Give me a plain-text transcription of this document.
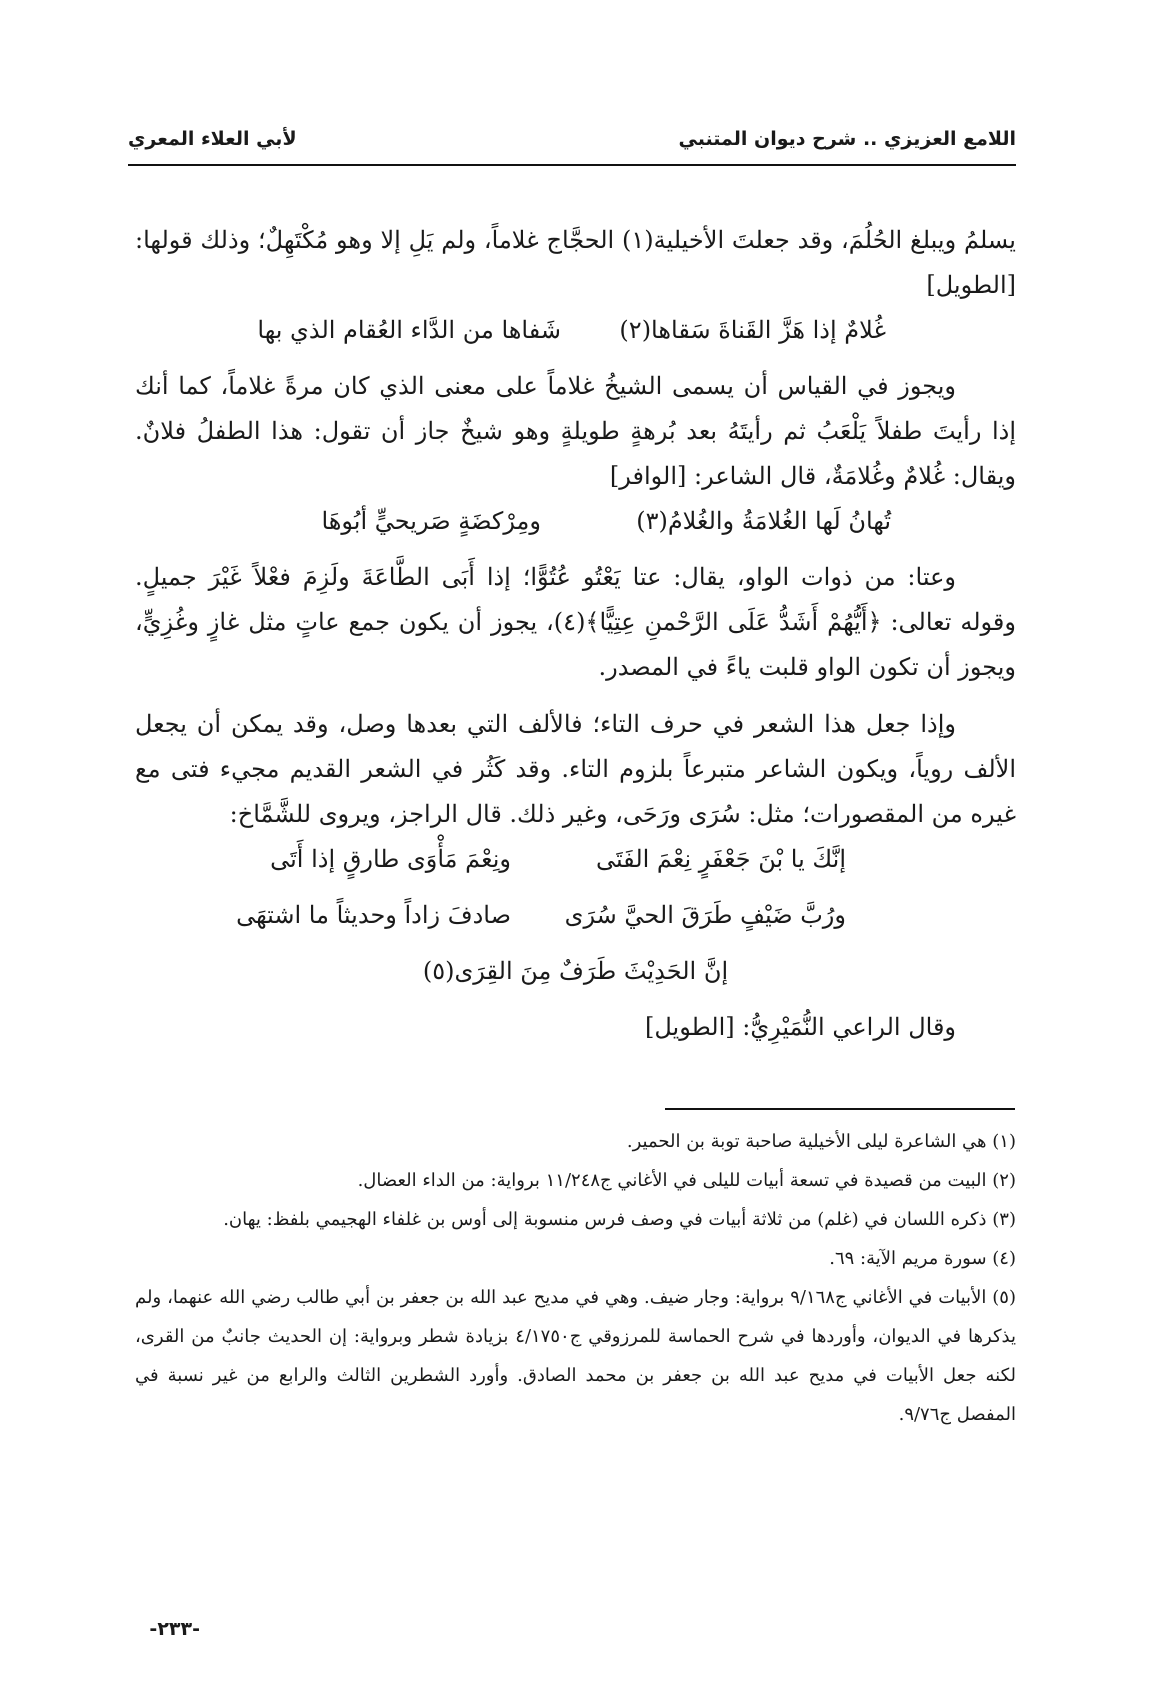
اللامع العزيزي .. شرح ديوان المتنبي
لأبي العلاء المعري

يسلمُ ويبلغ الحُلُمَ، وقد جعلتَ الأخيلية(١) الحجَّاج غلاماً، ولم يَلِ إلا وهو مُكْتَهِلٌ؛ وذلك قولها: [الطويل]

غُلامٌ إذا هَزَّ القَناةَ سَقاها(٢)
شَفاها من الدَّاء العُقام الذي بها

ويجوز في القياس أن يسمى الشيخُ غلاماً على معنى الذي كان مرةً غلاماً، كما أنك إذا رأيتَ طفلاً يَلْعَبُ ثم رأيتَهُ بعد بُرهةٍ طويلةٍ وهو شيخٌ جاز أن تقول: هذا الطفلُ فلانٌ. ويقال: غُلامٌ وغُلامَةٌ، قال الشاعر: [الوافر]

تُهانُ لَها الغُلامَةُ والغُلامُ(٣)
ومِرْكضَةٍ صَريحيٍّ أبُوهَا

وعتا: من ذوات الواو، يقال: عتا يَعْتُو عُتُوًّا؛ إذا أَبَى الطَّاعَةَ ولَزِمَ فعْلاً غَيْرَ جميلٍ. وقوله تعالى: ﴿أَيُّهُمْ أَشَدُّ عَلَى الرَّحْمنِ عِتِيًّا﴾(٤)، يجوز أن يكون جمع عاتٍ مثل غازٍ وغُزِيٍّ، ويجوز أن تكون الواو قلبت ياءً في المصدر.

وإذا جعل هذا الشعر في حرف التاء؛ فالألف التي بعدها وصل، وقد يمكن أن يجعل الألف روياً، ويكون الشاعر متبرعاً بلزوم التاء. وقد كَثُر في الشعر القديم مجيء فتى مع غيره من المقصورات؛ مثل: سُرَى ورَحَى، وغير ذلك. قال الراجز، ويروى للشَّمَّاخ:

إنَّكَ يا بْنَ جَعْفَرٍ نِعْمَ الفَتَى
ونِعْمَ مَأْوَى طارقٍ إذا أَتَى
ورُبَّ ضَيْفٍ طَرَقَ الحيَّ سُرَى
صادفَ زاداً وحديثاً ما اشتهَى
إنَّ الحَدِيْثَ طَرَفٌ مِنَ القِرَى(٥)

وقال الراعي النُّمَيْرِيُّ: [الطويل]

(١) هي الشاعرة ليلى الأخيلية صاحبة توبة بن الحمير.

(٢) البيت من قصيدة في تسعة أبيات لليلى في الأغاني ج١١/٢٤٨ برواية: من الداء العضال.

(٣) ذكره اللسان في (غلم) من ثلاثة أبيات في وصف فرس منسوبة إلى أوس بن غلفاء الهجيمي بلفظ: يهان.

(٤) سورة مريم الآية: ٦٩.

(٥) الأبيات في الأغاني ج٩/١٦٨ برواية: وجار ضيف. وهي في مديح عبد الله بن جعفر بن أبي طالب رضي الله عنهما، ولم يذكرها في الديوان، وأوردها في شرح الحماسة للمرزوقي ج٤/١٧٥٠ بزيادة شطر وبرواية: إن الحديث جانبٌ من القرى، لكنه جعل الأبيات في مديح عبد الله بن جعفر بن محمد الصادق. وأورد الشطرين الثالث والرابع من غير نسبة في المفصل ج٩/٧٦.

-٢٣٣-
